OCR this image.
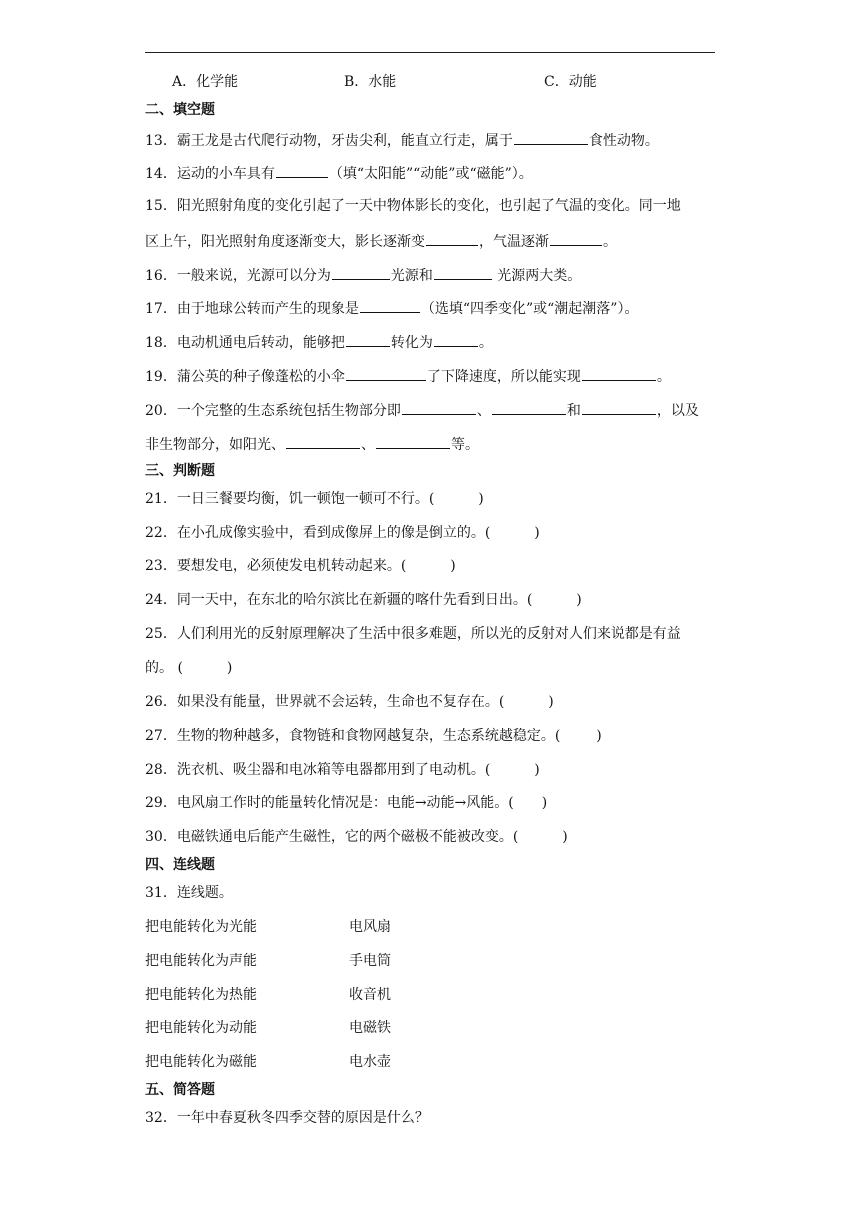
A．化学能	B．水能	C．动能
二、填空题
13．霸王龙是古代爬行动物，牙齿尖利，能直立行走，属于	食性动物。
14．运动的小车具有	（填“太阳能”“动能”或“磁能”）。
15．阳光照射角度的变化引起了一天中物体影长的变化，也引起了气温的变化。同一地
区上午，阳光照射角度逐渐变大，影长逐渐变	，气温逐渐	。
16．一般来说，光源可以分为	光源和	光源两大类。
17．由于地球公转而产生的现象是	（选填“四季变化”或“潮起潮落”）。
18．电动机通电后转动，能够把	转化为	。
19．蒲公英的种子像蓬松的小伞	了下降速度，所以能实现	。
20．一个完整的生态系统包括生物部分即	、	和	，以及
非生物部分，如阳光、	、	等。
三、判断题
21．一日三餐要均衡，饥一顿饱一顿可不行。(	)
22．在小孔成像实验中，看到成像屏上的像是倒立的。(	)
23．要想发电，必须使发电机转动起来。(	)
24．同一天中，在东北的哈尔滨比在新疆的喀什先看到日出。(	)
25．人们利用光的反射原理解决了生活中很多难题，所以光的反射对人们来说都是有益
的。 (	)
26．如果没有能量，世界就不会运转，生命也不复存在。(	)
27．生物的物种越多，食物链和食物网越复杂，生态系统越稳定。(	)
28．洗衣机、吸尘器和电冰箱等电器都用到了电动机。(	)
29．电风扇工作时的能量转化情况是：电能→动能→风能。( )
30．电磁铁通电后能产生磁性，它的两个磁极不能被改变。(	)
四、连线题
31．连线题。
把电能转化为光能	电风扇
把电能转化为声能	手电筒
把电能转化为热能	收音机
把电能转化为动能	电磁铁
把电能转化为磁能	电水壶
五、简答题
32．一年中春夏秋冬四季交替的原因是什么？
